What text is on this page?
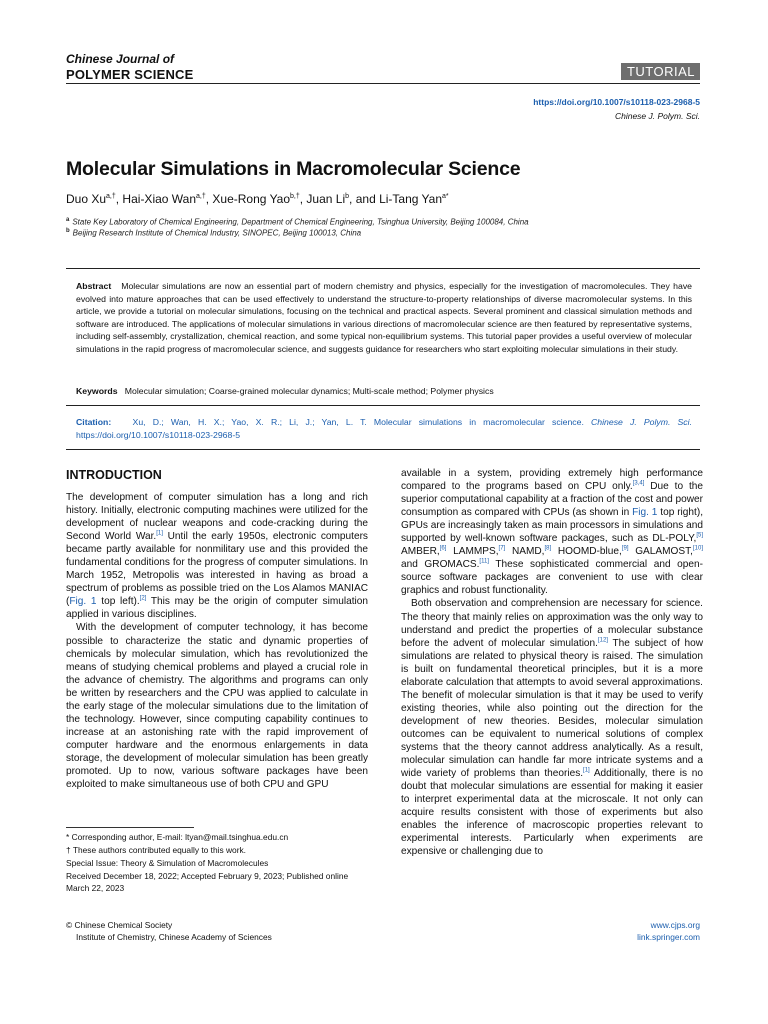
Chinese Journal of
POLYMER SCIENCE	TUTORIAL
https://doi.org/10.1007/s10118-023-2968-5
Chinese J. Polym. Sci.
Molecular Simulations in Macromolecular Science
Duo $Xu^{a,\dagger}$, Hai-Xiao Wan$^{a,\dagger}$, Xue-Rong Yao$^{b,\dagger}$, Juan Li$^b$, and Li-Tang Yan$^{a*}$
$^a$ State Key Laboratory of Chemical Engineering, Department of Chemical Engineering, Tsinghua University, Beijing 100084, China
$^b$ Beijing Research Institute of Chemical Industry, SINOPEC, Beijing 100013, China
Abstract Molecular simulations are now an essential part of modern chemistry and physics, especially for the investigation of macromolecules. They have evolved into mature approaches that can be used effectively to understand the structure-to-property relationships of diverse macromolecular systems. In this article, we provide a tutorial on molecular simulations, focusing on the technical and practical aspects. Several prominent and classical simulation methods and software are introduced. The applications of molecular simulations in various directions of macromolecular science are then featured by representative systems, including self-assembly, crystallization, chemical reaction, and some typical non-equilibrium systems. This tutorial paper provides a useful overview of molecular simulations in the rapid progress of macromolecular science, and suggests guidance for researchers who start exploiting molecular simulations in their study.
Keywords Molecular simulation; Coarse-grained molecular dynamics; Multi-scale method; Polymer physics
Citation: Xu, D.; Wan, H. X.; Yao, X. R.; Li, J.; Yan, L. T. Molecular simulations in macromolecular science. Chinese J. Polym. Sci. https://doi.org/10.1007/s10118-023-2968-5
INTRODUCTION

The development of computer simulation has a long and rich history. Initially, electronic computing machines were utilized for the development of nuclear weapons and code-cracking during the Second World War.[1] Until the early 1950s, electronic computers became partly available for nonmilitary use and this provided the fundamental conditions for the progress of computer simulations. In March 1952, Metropolis was interested in having as broad a spectrum of problems as possible tried on the Los Alamos MANIAC (Fig. 1 top left).[2] This may be the origin of computer simulation applied in various disciplines.

With the development of computer technology, it has become possible to characterize the static and dynamic properties of chemicals by molecular simulation, which has revolutionized the means of studying chemical problems and played a crucial role in the advance of chemistry. The algorithms and programs can only be written by researchers and the CPU was applied to calculate in the early stage of the molecular simulations due to the limitation of the technology. However, since computing capability continues to increase at an astonishing rate with the rapid improvement of computer hardware and the enormous enlargements in data storage, the development of molecular simulation has been greatly promoted. Up to now, various software packages have been exploited to make simultaneous use of both CPU and GPU

available in a system, providing extremely high performance compared to the programs based on CPU only.[3,4] Due to the superior computational capability at a fraction of the cost and power consumption as compared with CPUs (as shown in Fig. 1 top right), GPUs are increasingly taken as main processors in simulations and supported by well-known software packages, such as DL-POLY,[5] AMBER,[6] LAMMPS,[7] NAMD,[8] HOOMD-blue,[9] GALAMOST,[10] and GROMACS.[11] These sophisticated commercial and open-source software packages are convenient to use with clear graphics and robust functionality.

Both observation and comprehension are necessary for science. The theory that mainly relies on approximation was the only way to understand and predict the properties of a molecular substance before the advent of molecular simulation.[12] The subject of how simulations are related to physical theory is raised. The simulation is built on fundamental theoretical principles, but it is a more elaborate calculation that attempts to avoid several approximations. The benefit of molecular simulation is that it may be used to verify existing theories, while also pointing out the direction for the development of new theories. Besides, molecular simulation outcomes can be equivalent to numerical solutions of complex systems that the theory cannot address analytically. As a result, molecular simulation can handle far more intricate systems and a wide variety of problems than theories.[1] Additionally, there is no doubt that molecular simulations are essential for making it easier to interpret experimental data at the microscale. It not only can acquire results consistent with those of experiments but also enables the inference of macroscopic properties relevant to experimental interests. Particularly when experiments are expensive or challenging due to

* Corresponding author, E-mail: ltyan@mail.tsinghua.edu.cn

† These authors contributed equally to this work.

Special Issue: Theory & Simulation of Macromolecules

Received December 18, 2022; Accepted February 9, 2023; Published online March 22, 2023

© Chinese Chemical Society
Institute of Chemistry, Chinese Academy of Sciences
www.cjps.org
link.springer.com
